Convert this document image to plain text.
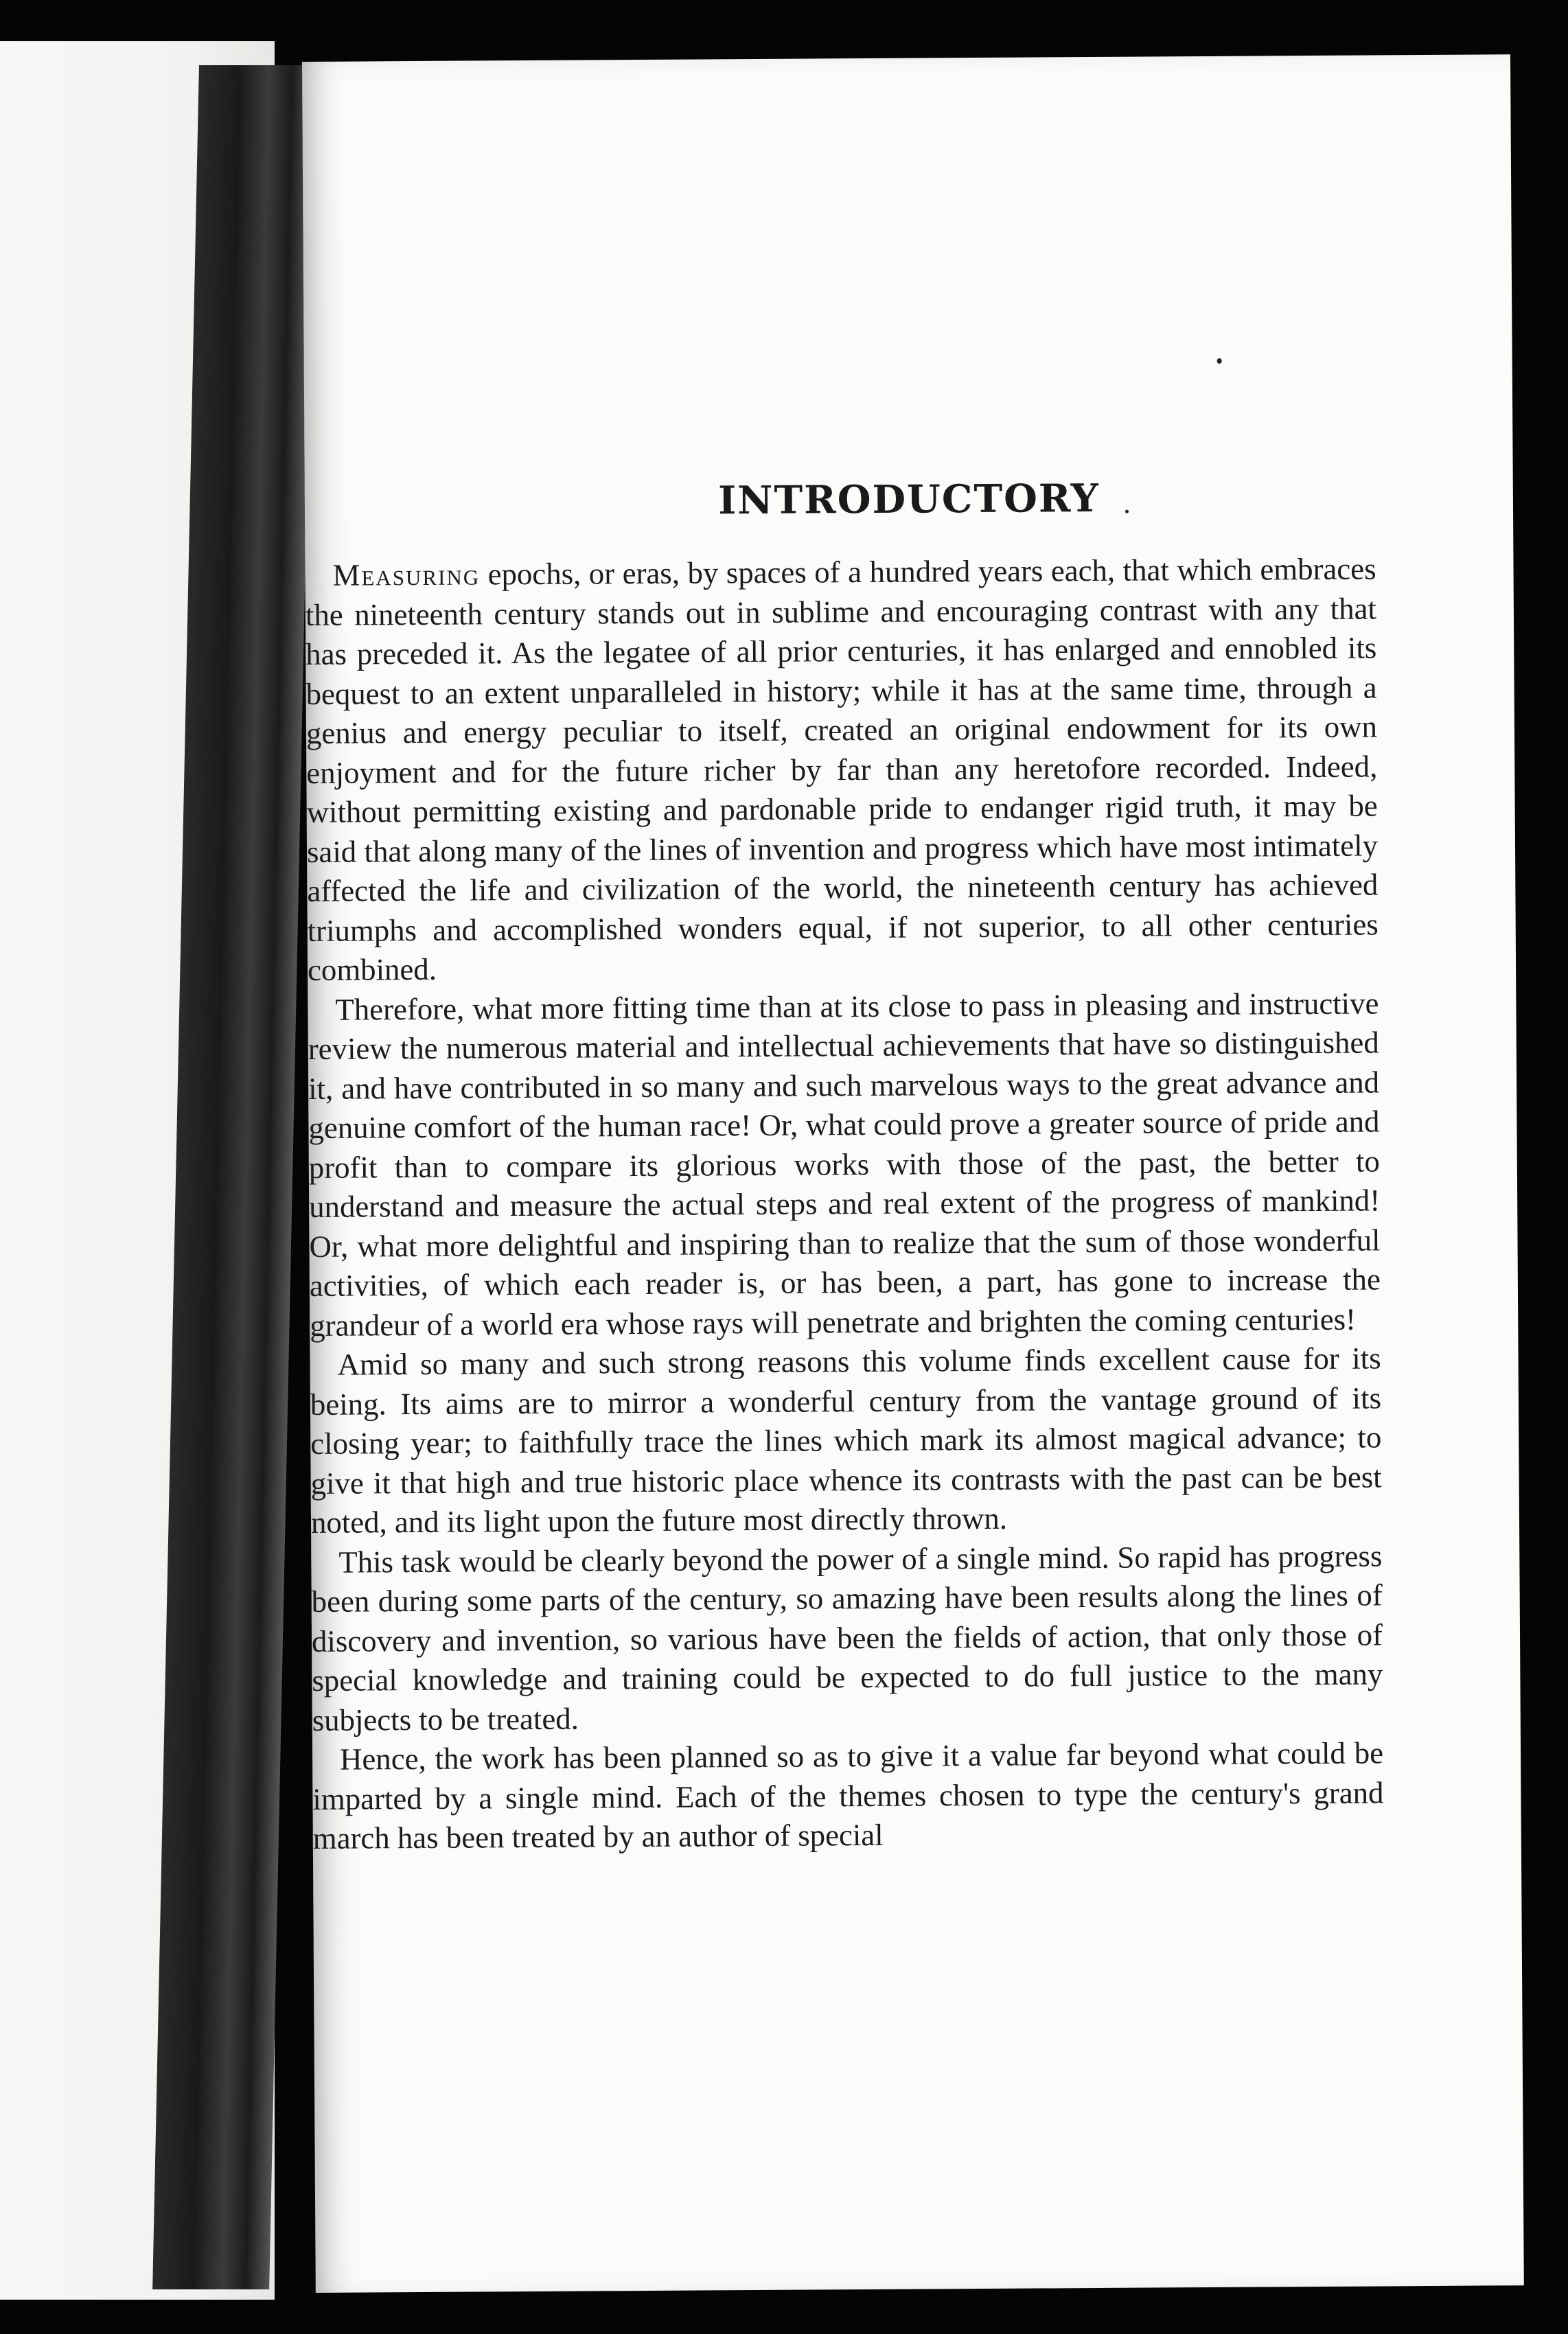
INTRODUCTORY

Measuring epochs, or eras, by spaces of a hundred years each, that which embraces the nineteenth century stands out in sublime and encouraging contrast with any that has preceded it. As the legatee of all prior centuries, it has enlarged and ennobled its bequest to an extent unparalleled in history; while it has at the same time, through a genius and energy peculiar to itself, created an original endowment for its own enjoyment and for the future richer by far than any heretofore recorded. Indeed, without permitting existing and pardonable pride to endanger rigid truth, it may be said that along many of the lines of invention and progress which have most intimately affected the life and civilization of the world, the nineteenth century has achieved triumphs and accomplished wonders equal, if not superior, to all other centuries combined.

Therefore, what more fitting time than at its close to pass in pleasing and instructive review the numerous material and intellectual achievements that have so distinguished it, and have contributed in so many and such marvelous ways to the great advance and genuine comfort of the human race! Or, what could prove a greater source of pride and profit than to compare its glorious works with those of the past, the better to understand and measure the actual steps and real extent of the progress of mankind! Or, what more delightful and inspiring than to realize that the sum of those wonderful activities, of which each reader is, or has been, a part, has gone to increase the grandeur of a world era whose rays will penetrate and brighten the coming centuries!

Amid so many and such strong reasons this volume finds excellent cause for its being. Its aims are to mirror a wonderful century from the vantage ground of its closing year; to faithfully trace the lines which mark its almost magical advance; to give it that high and true historic place whence its contrasts with the past can be best noted, and its light upon the future most directly thrown.

This task would be clearly beyond the power of a single mind. So rapid has progress been during some parts of the century, so amazing have been results along the lines of discovery and invention, so various have been the fields of action, that only those of special knowledge and training could be expected to do full justice to the many subjects to be treated.

Hence, the work has been planned so as to give it a value far beyond what could be imparted by a single mind. Each of the themes chosen to type the century's grand march has been treated by an author of special
